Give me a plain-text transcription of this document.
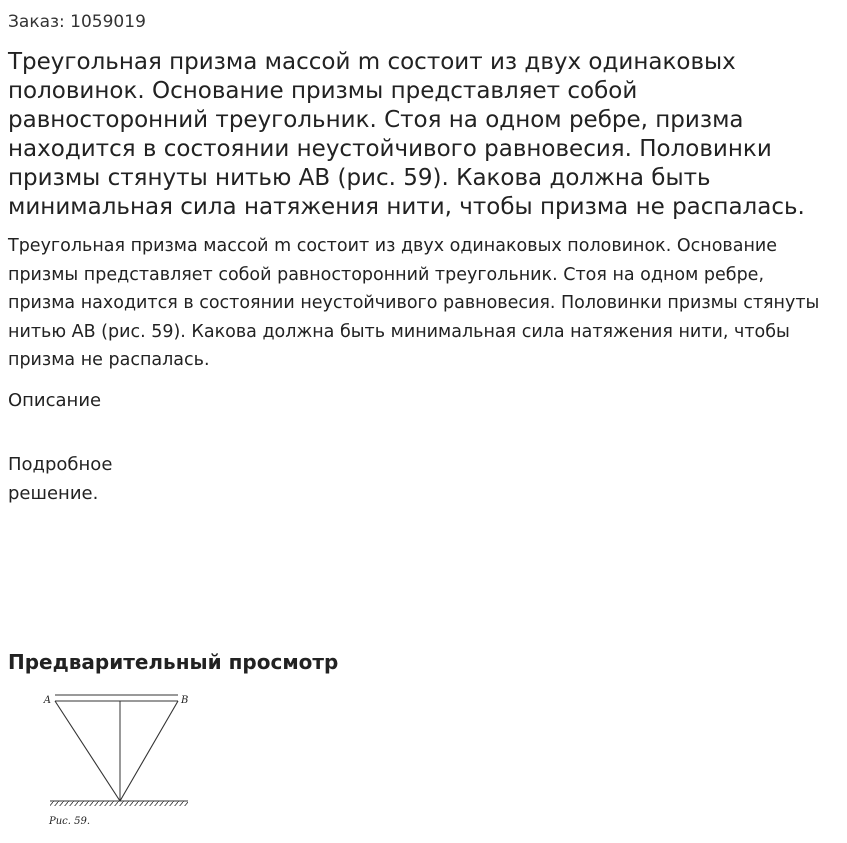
Заказ: 1059019
Треугольная призма массой m состоит из двух одинаковых половинок. Основание призмы представляет собой равносторонний треугольник. Стоя на одном ребре, призма находится в состоянии неустойчивого равновесия. Половинки призмы стянуты нитью АВ (рис. 59). Какова должна быть минимальная сила натяжения нити, чтобы призма не распалась.

Треугольная призма массой m состоит из двух одинаковых половинок. Основание призмы представляет собой равносторонний треугольник. Стоя на одном ребре, призма находится в состоянии неустойчивого равновесия. Половинки призмы стянуты нитью АВ (рис. 59). Какова должна быть минимальная сила натяжения нити, чтобы призма не распалась.

Описание
Подробное решение.
Предварительный просмотр
A	B
Рис. 59.
